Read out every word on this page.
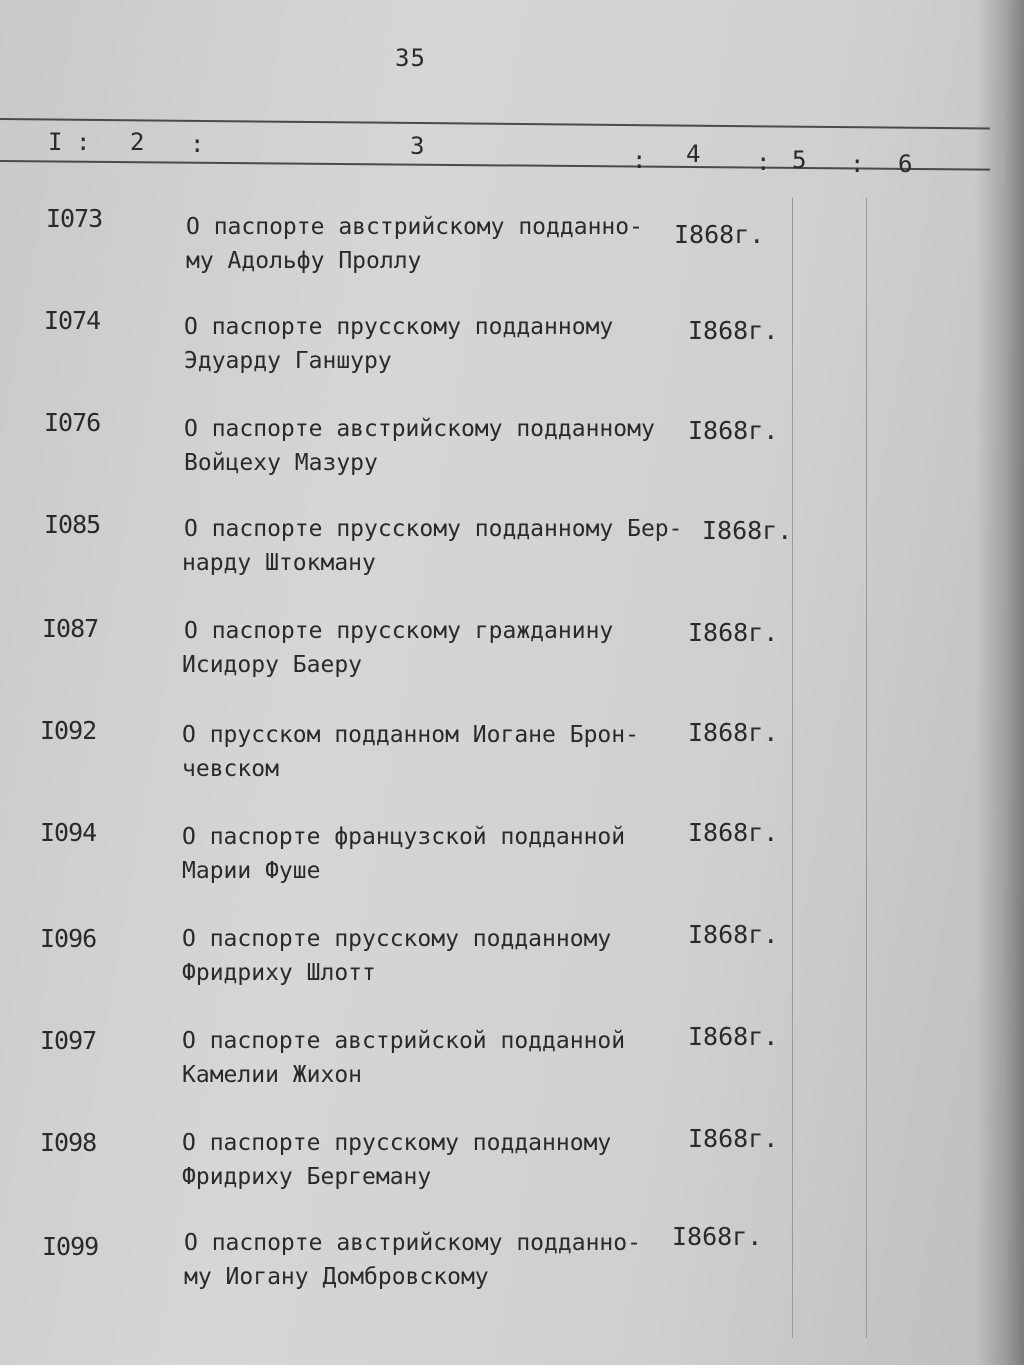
35
I : 2 :	3	: 4 : 5 : 6
I073	О паспорте австрийскому подданно-
му Адольфу Проллу
I868г.
I074	О паспорте прусскому подданному
Эдуарду Ганшуру
I868г.
I076	О паспорте австрийскому подданному
Войцеху Мазуру
I868г.
I085	О паспорте прусскому подданному Бер-
нарду Штокману
I868г.
I087	О паспорте прусскому гражданину
Исидору Баеру
I868г.
I092	О прусском подданном Иогане Брон-
чевском
I868г.
I094	О паспорте французской подданной
Марии Фуше
I868г.
I096	О паспорте прусскому подданному
Фридриху Шлотт
I868г.
I097	О паспорте австрийской подданной
Камелии Жихон
I868г.
I098	О паспорте прусскому подданному
Фридриху Бергеману
I868г.
I099	О паспорте австрийскому подданно-
му Иогану Домбровскому
I868г.
